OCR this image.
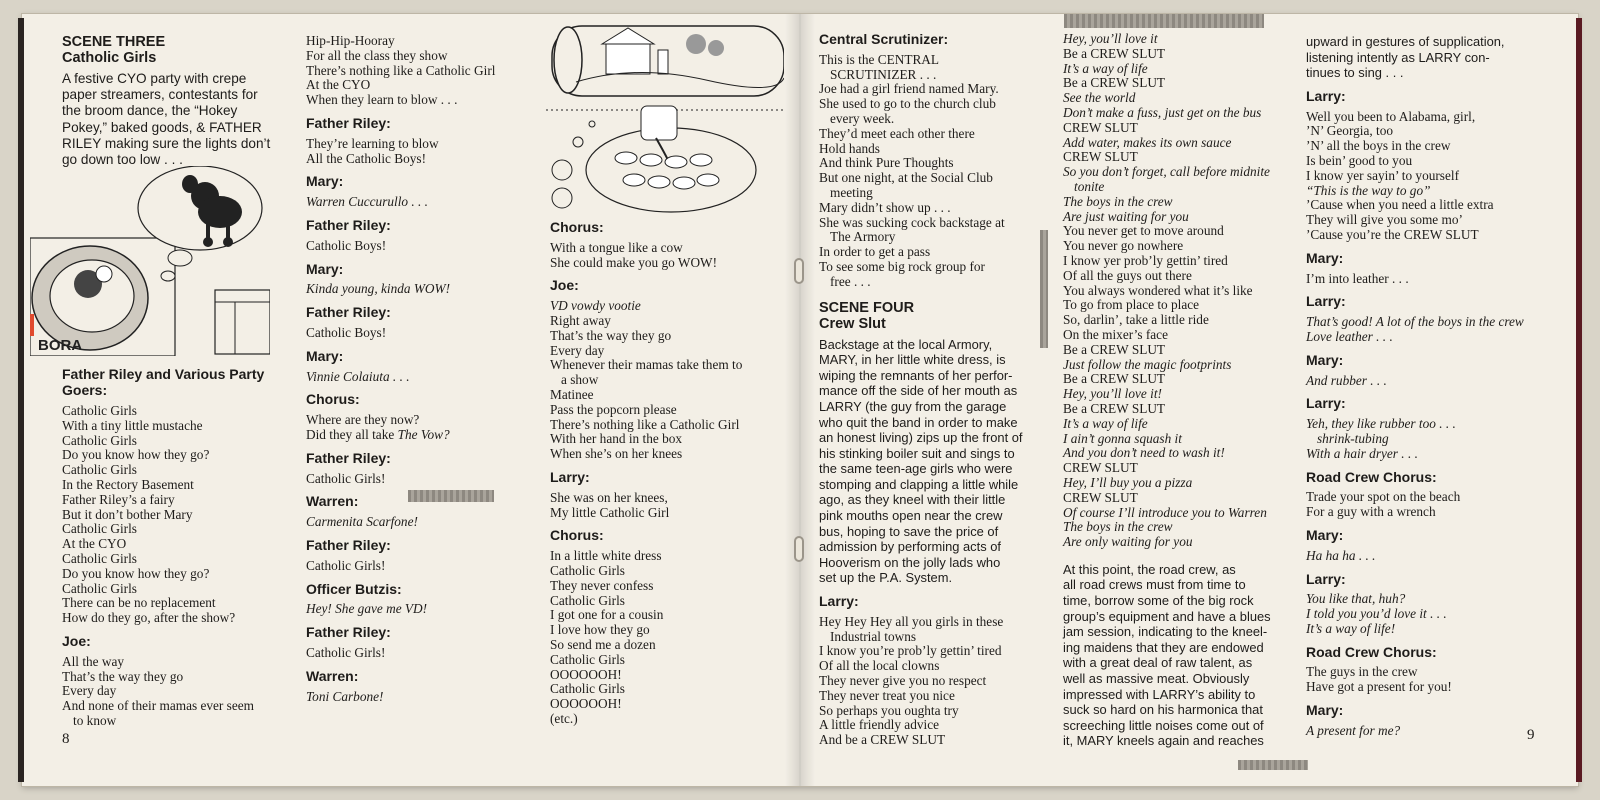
SCENE THREE
Catholic Girls
A festive CYO party with crepe
paper streamers, contestants for
the broom dance, the “Hokey
Pokey,” baked goods, & FATHER
RILEY making sure the lights don’t
go down too low . . .
BORA
Father Riley and Various Party Goers:
Catholic Girls
With a tiny little mustache
Catholic Girls
Do you know how they go?
Catholic Girls
In the Rectory Basement
Father Riley’s a fairy
But it don’t bother Mary
Catholic Girls
At the CYO
Catholic Girls
Do you know how they go?
Catholic Girls
There can be no replacement
How do they go, after the show?
Joe:
All the way
That’s the way they go
Every day
And none of their mamas ever seem
to know
8
Hip-Hip-Hooray
For all the class they show
There’s nothing like a Catholic Girl
At the CYO
When they learn to blow . . .
Father Riley:
They’re learning to blow
All the Catholic Boys!
Mary:
Warren Cuccurullo . . .
Father Riley:
Catholic Boys!
Mary:
Kinda young, kinda WOW!
Father Riley:
Catholic Boys!
Mary:
Vinnie Colaiuta . . .
Chorus:
Where are they now?
Did they all take The Vow?
Father Riley:
Catholic Girls!
Warren:
Carmenita Scarfone!
Father Riley:
Catholic Girls!
Officer Butzis:
Hey! She gave me VD!
Father Riley:
Catholic Girls!
Warren:
Toni Carbone!
Chorus:
With a tongue like a cow
She could make you go WOW!
Joe:
VD vowdy vootie
Right away
That’s the way they go
Every day
Whenever their mamas take them to
a show
Matinee
Pass the popcorn please
There’s nothing like a Catholic Girl
With her hand in the box
When she’s on her knees
Larry:
She was on her knees,
My little Catholic Girl
Chorus:
In a little white dress
Catholic Girls
They never confess
Catholic Girls
I got one for a cousin
I love how they go
So send me a dozen
Catholic Girls
OOOOOOH!
Catholic Girls
OOOOOOH!
(etc.)
Central Scrutinizer:
This is the CENTRAL
SCRUTINIZER . . .
Joe had a girl friend named Mary.
She used to go to the church club
every week.
They’d meet each other there
Hold hands
And think Pure Thoughts
But one night, at the Social Club
meeting
Mary didn’t show up . . .
She was sucking cock backstage at
The Armory
In order to get a pass
To see some big rock group for
free . . .
SCENE FOUR
Crew Slut
Backstage at the local Armory,
MARY, in her little white dress, is
wiping the remnants of her perfor-
mance off the side of her mouth as
LARRY (the guy from the garage
who quit the band in order to make
an honest living) zips up the front of
his stinking boiler suit and sings to
the same teen-age girls who were
stomping and clapping a little while
ago, as they kneel with their little
pink mouths open near the crew
bus, hoping to save the price of
admission by performing acts of
Hooverism on the jolly lads who
set up the P.A. System.
Larry:
Hey Hey Hey all you girls in these
Industrial towns
I know you’re prob’ly gettin’ tired
Of all the local clowns
They never give you no respect
They never treat you nice
So perhaps you oughta try
A little friendly advice
And be a CREW SLUT
Hey, you’ll love it
Be a CREW SLUT
It’s a way of life
Be a CREW SLUT
See the world
Don’t make a fuss, just get on the bus
CREW SLUT
Add water, makes its own sauce
CREW SLUT
So you don’t forget, call before midnite
tonite
The boys in the crew
Are just waiting for you
You never get to move around
You never go nowhere
I know yer prob’ly gettin’ tired
Of all the guys out there
You always wondered what it’s like
To go from place to place
So, darlin’, take a little ride
On the mixer’s face
Be a CREW SLUT
Just follow the magic footprints
Be a CREW SLUT
Hey, you’ll love it!
Be a CREW SLUT
It’s a way of life
I ain’t gonna squash it
And you don’t need to wash it!
CREW SLUT
Hey, I’ll buy you a pizza
CREW SLUT
Of course I’ll introduce you to Warren
The boys in the crew
Are only waiting for you
At this point, the road crew, as
all road crews must from time to
time, borrow some of the big rock
group’s equipment and have a blues
jam session, indicating to the kneel-
ing maidens that they are endowed
with a great deal of raw talent, as
well as massive meat. Obviously
impressed with LARRY’s ability to
suck so hard on his harmonica that
screeching little noises come out of
it, MARY kneels again and reaches
upward in gestures of supplication,
listening intently as LARRY con-
tinues to sing . . .
Larry:
Well you been to Alabama, girl,
’N’ Georgia, too
’N’ all the boys in the crew
Is bein’ good to you
I know yer sayin’ to yourself
“This is the way to go”
’Cause when you need a little extra
They will give you some mo’
’Cause you’re the CREW SLUT
Mary:
I’m into leather . . .
Larry:
That’s good! A lot of the boys in the crew
Love leather . . .
Mary:
And rubber . . .
Larry:
Yeh, they like rubber too . . .
shrink-tubing
With a hair dryer . . .
Road Crew Chorus:
Trade your spot on the beach
For a guy with a wrench
Mary:
Ha ha ha . . .
Larry:
You like that, huh?
I told you you’d love it . . .
It’s a way of life!
Road Crew Chorus:
The guys in the crew
Have got a present for you!
Mary:
A present for me?	9
